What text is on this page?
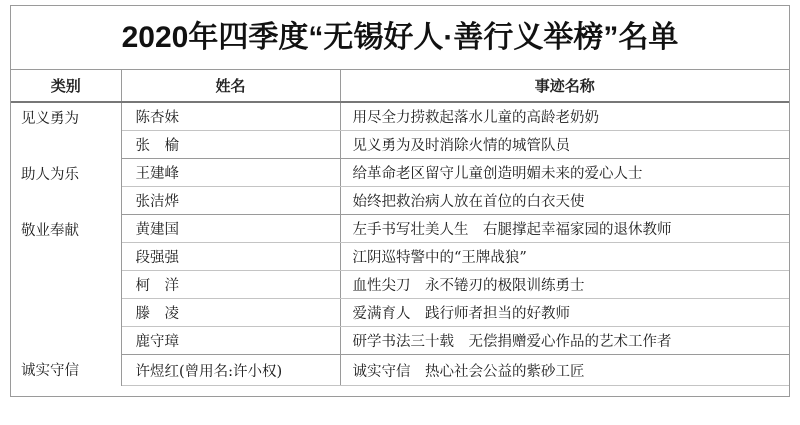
2020年四季度“无锡好人·善行义举榜”名单
类别	姓名	事迹名称
见义勇为	陈杏妹	用尽全力捞救起落水儿童的高龄老奶奶
	张　榆	见义勇为及时消除火情的城管队员
助人为乐	王建峰	给革命老区留守儿童创造明媚未来的爱心人士
	张洁烨	始终把救治病人放在首位的白衣天使
敬业奉献	黄建国	左手书写壮美人生　右腿撑起幸福家园的退休教师
	段强强	江阴巡特警中的“王牌战狼”
	柯　洋	血性尖刀　永不锩刃的极限训练勇士
	滕　凌	爱满育人　践行师者担当的好教师
	鹿守璋	研学书法三十载　无偿捐赠爱心作品的艺术工作者
诚实守信	许煜红(曾用名:许小权)	诚实守信　热心社会公益的紫砂工匠
